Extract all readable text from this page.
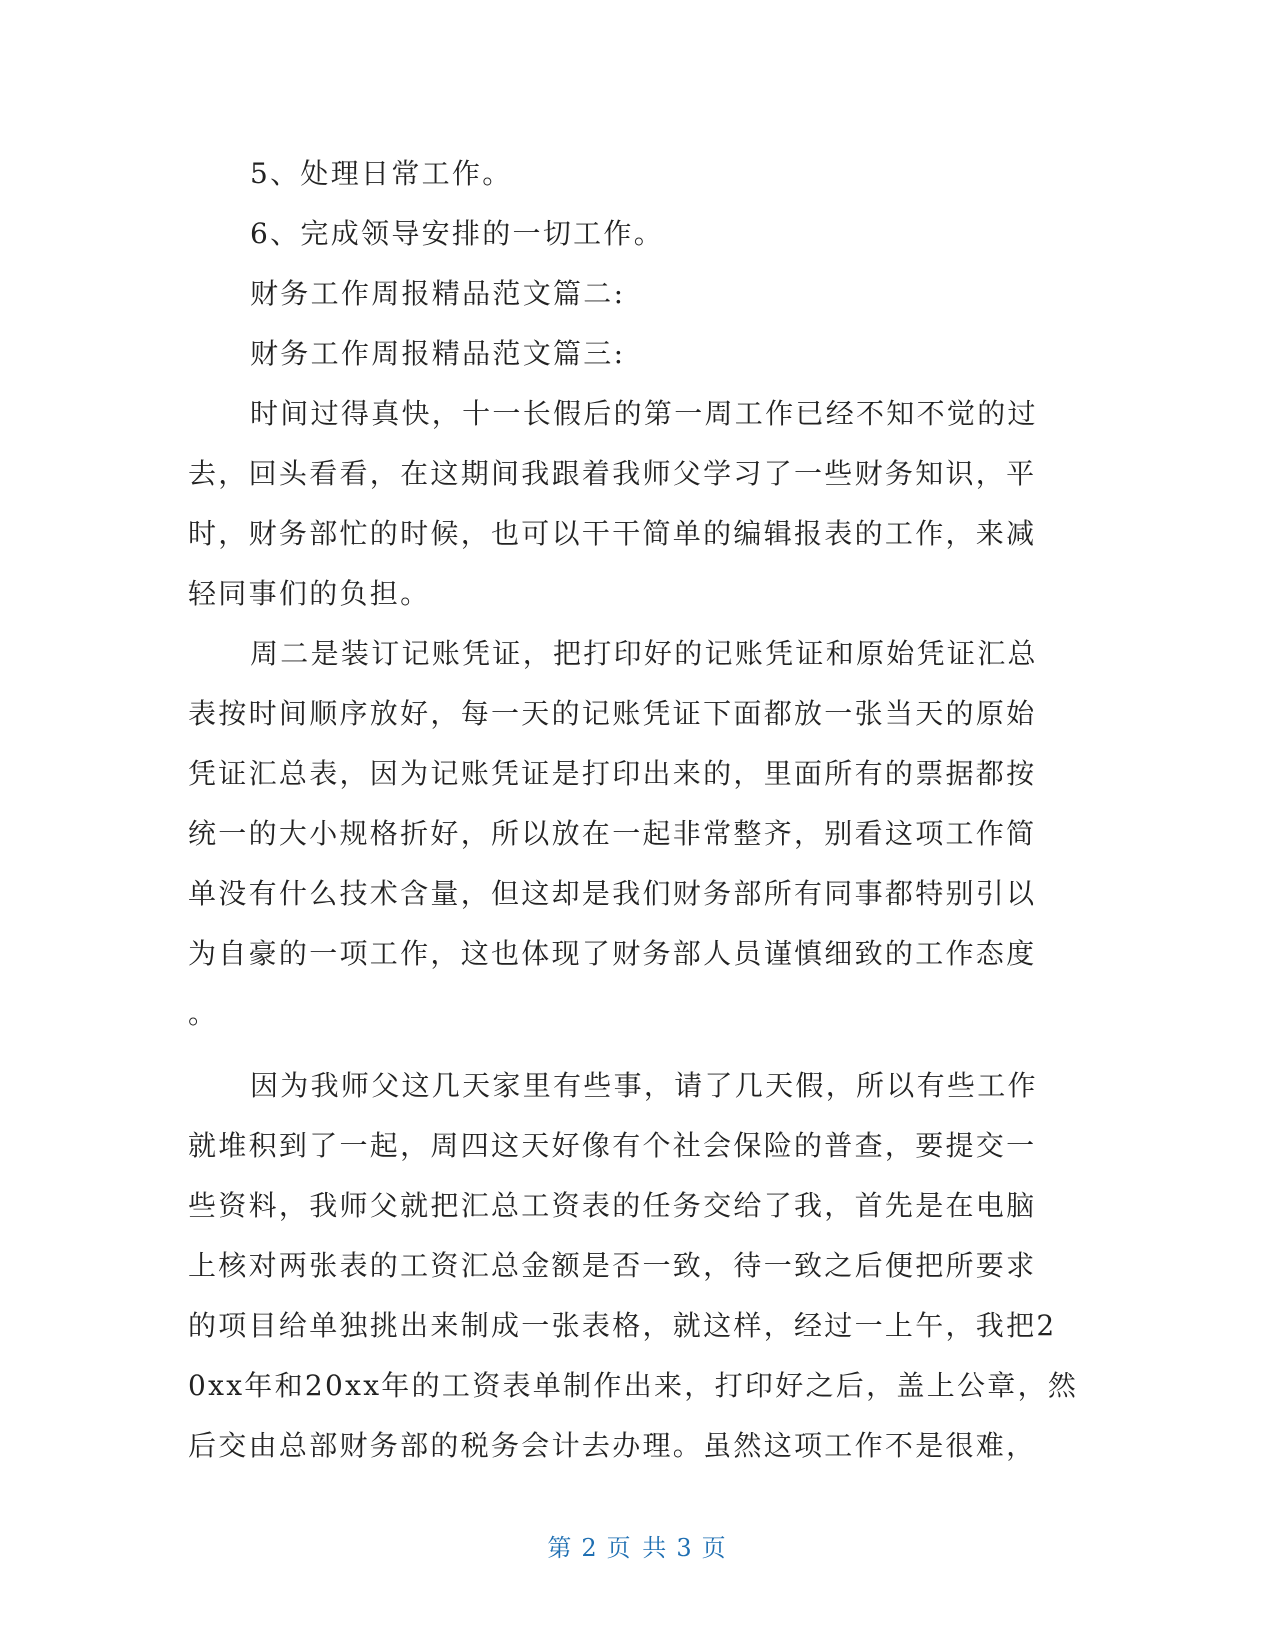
5、处理日常工作。
6、完成领导安排的一切工作。
财务工作周报精品范文篇二:
财务工作周报精品范文篇三:
时间过得真快，十一长假后的第一周工作已经不知不觉的过
去，回头看看，在这期间我跟着我师父学习了一些财务知识，平
时，财务部忙的时候，也可以干干简单的编辑报表的工作，来减
轻同事们的负担。
周二是装订记账凭证，把打印好的记账凭证和原始凭证汇总
表按时间顺序放好，每一天的记账凭证下面都放一张当天的原始
凭证汇总表，因为记账凭证是打印出来的，里面所有的票据都按
统一的大小规格折好，所以放在一起非常整齐，别看这项工作简
单没有什么技术含量，但这却是我们财务部所有同事都特别引以
为自豪的一项工作，这也体现了财务部人员谨慎细致的工作态度
。
因为我师父这几天家里有些事，请了几天假，所以有些工作
就堆积到了一起，周四这天好像有个社会保险的普查，要提交一
些资料，我师父就把汇总工资表的任务交给了我，首先是在电脑
上核对两张表的工资汇总金额是否一致，待一致之后便把所要求
的项目给单独挑出来制成一张表格，就这样，经过一上午，我把2
0xx年和20xx年的工资表单制作出来，打印好之后，盖上公章，然
后交由总部财务部的税务会计去办理。虽然这项工作不是很难，
第 2 页 共 3 页
